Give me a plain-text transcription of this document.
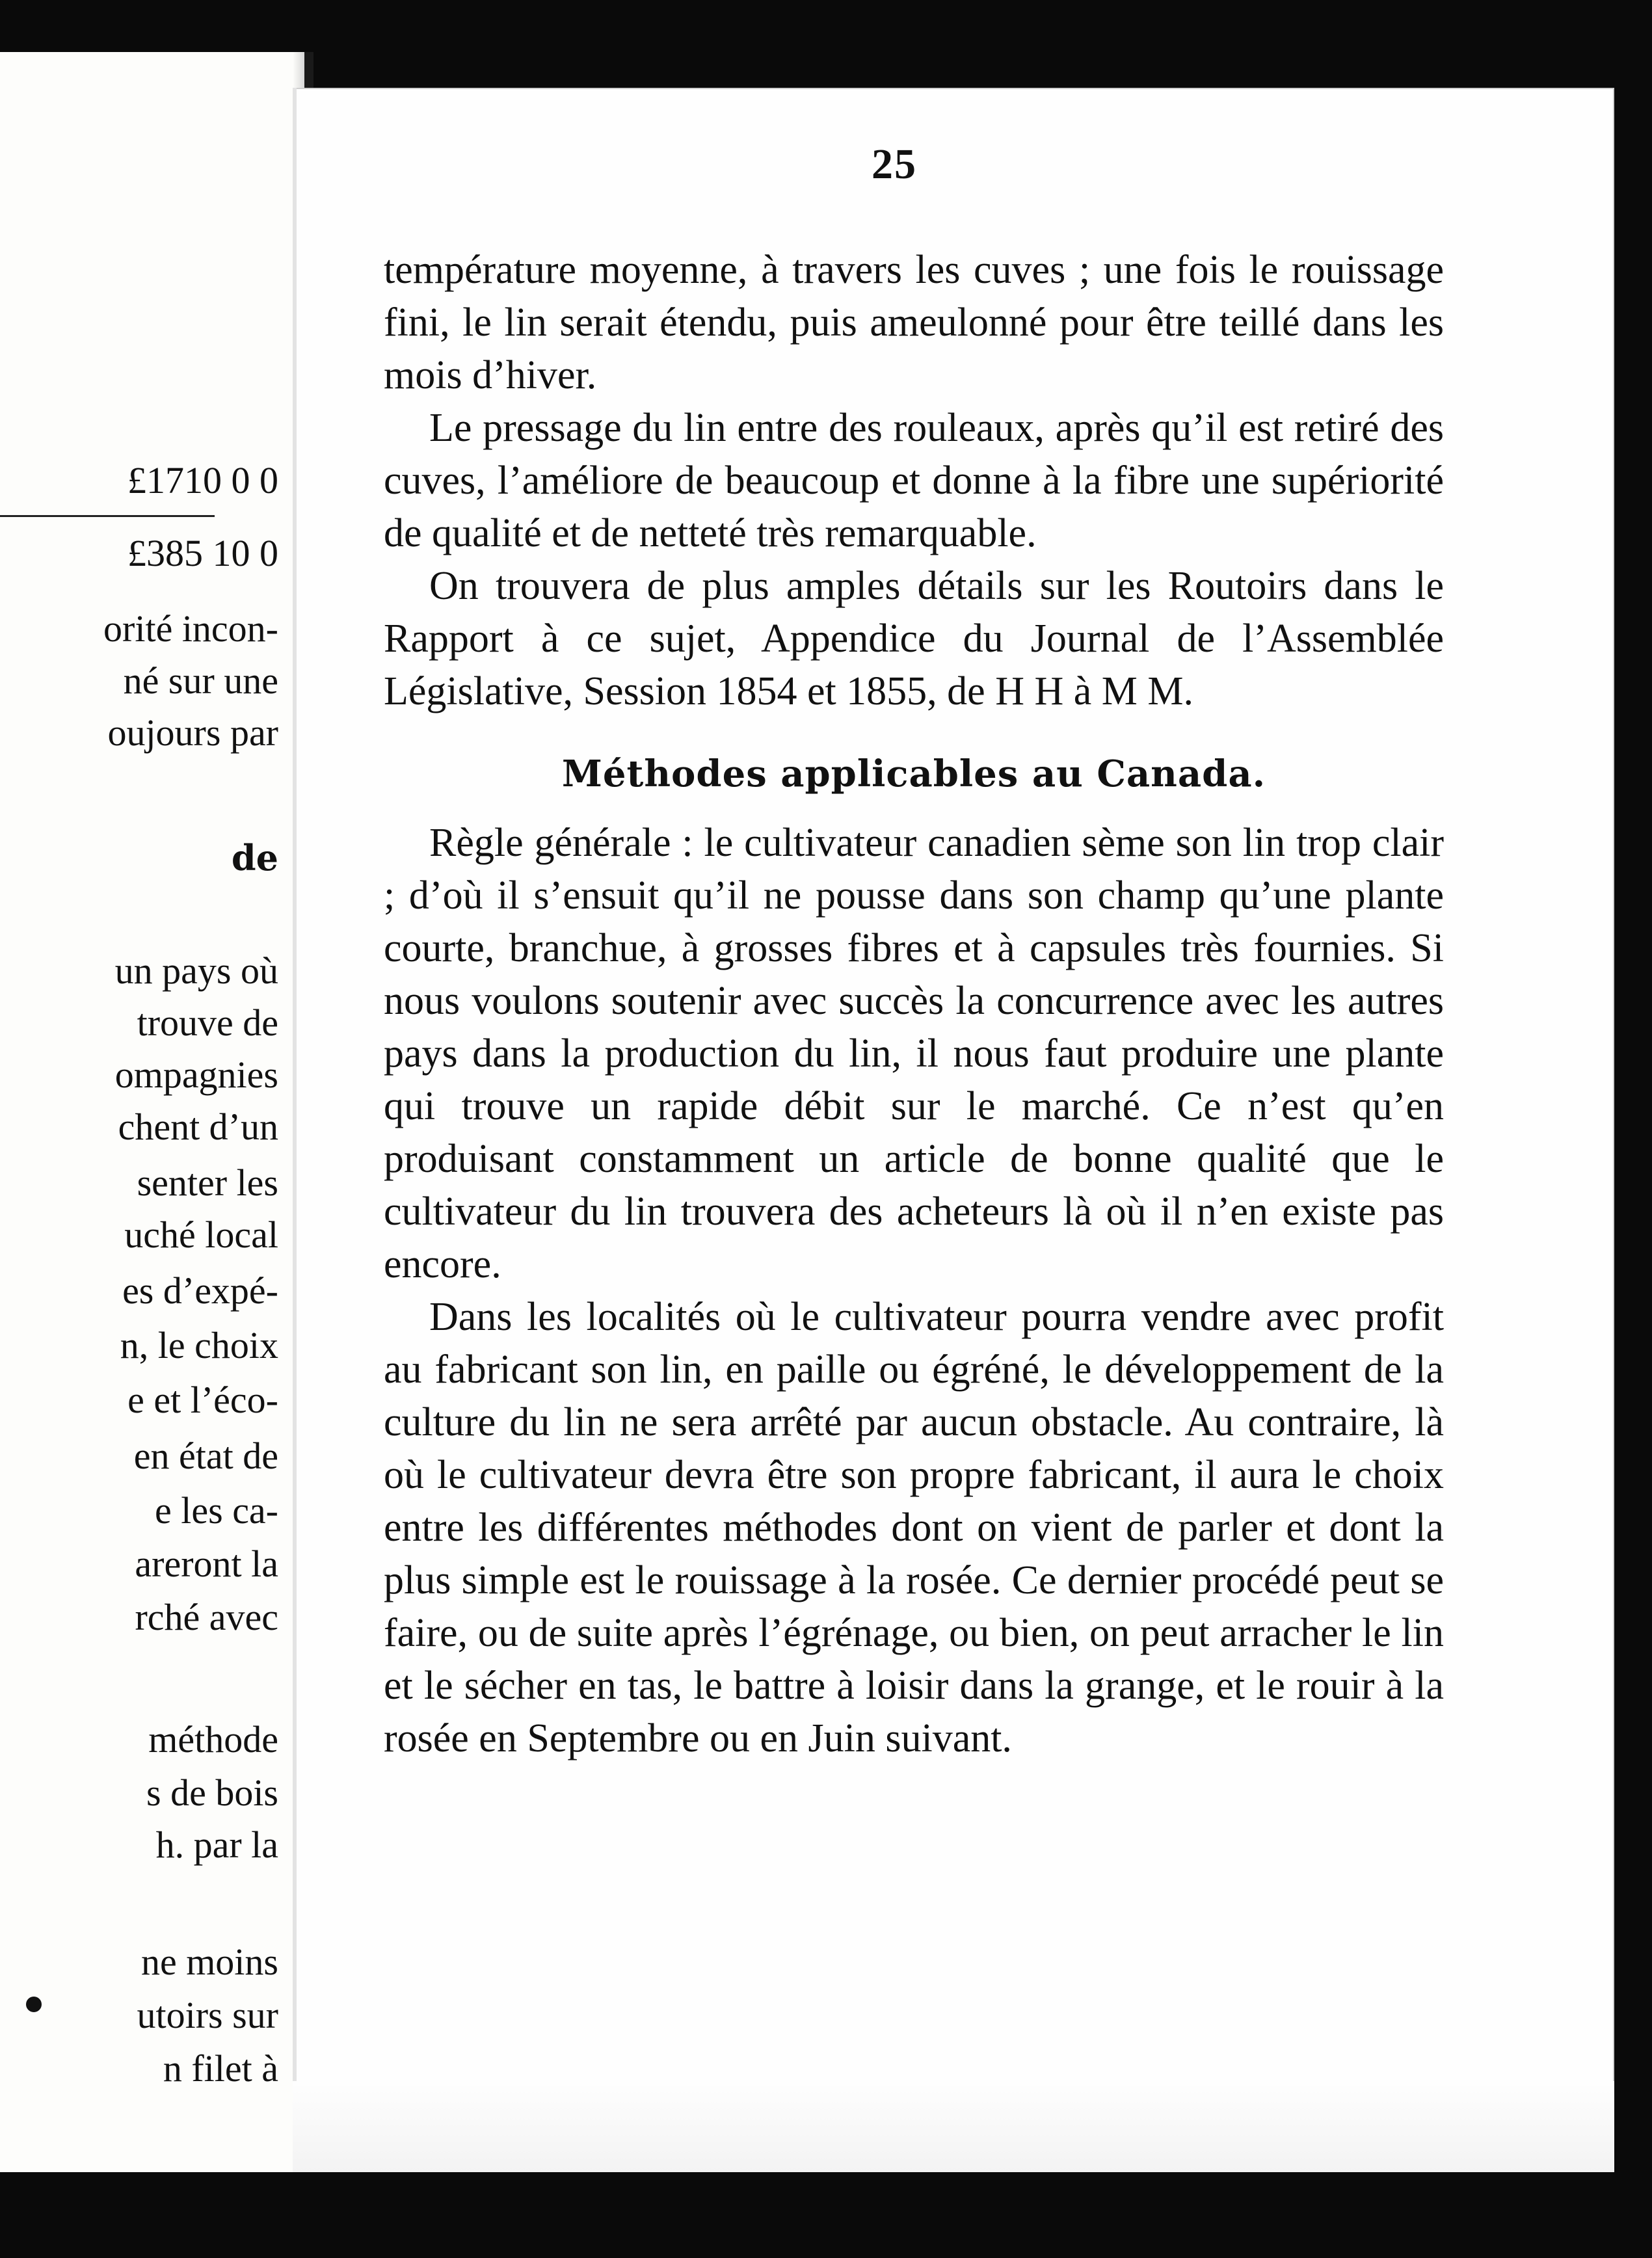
£1710 0 0
£385 10 0
orité incon-
né sur une
oujours par
de
un pays où
trouve de
ompagnies
chent d’un
senter les
uché local
es d’expé-
n, le choix
e et l’éco-
en état de
e les ca-
areront la
rché avec
méthode
s de bois
h. par la
ne moins
utoirs sur
n filet à
25

température moyenne, à travers les cuves ; une fois le rouissage fini, le lin serait étendu, puis ameulonné pour être teillé dans les mois d’hiver.

Le pressage du lin entre des rouleaux, après qu’il est retiré des cuves, l’améliore de beaucoup et donne à la fibre une supériorité de qualité et de netteté très remarquable.

On trouvera de plus amples détails sur les Routoirs dans le Rapport à ce sujet, Appendice du Journal de l’Assemblée Législative, Session 1854 et 1855, de H H à M M.

Méthodes applicables au Canada.

Règle générale : le cultivateur canadien sème son lin trop clair ; d’où il s’ensuit qu’il ne pousse dans son champ qu’une plante courte, branchue, à grosses fibres et à capsules très fournies. Si nous voulons soutenir avec succès la concurrence avec les autres pays dans la production du lin, il nous faut produire une plante qui trouve un rapide débit sur le marché. Ce n’est qu’en produisant constamment un article de bonne qualité que le cultivateur du lin trouvera des acheteurs là où il n’en existe pas encore.

Dans les localités où le cultivateur pourra vendre avec profit au fabricant son lin, en paille ou égréné, le développement de la culture du lin ne sera arrêté par aucun obstacle. Au contraire, là où le cultivateur devra être son propre fabricant, il aura le choix entre les différentes méthodes dont on vient de parler et dont la plus simple est le rouissage à la rosée. Ce dernier procédé peut se faire, ou de suite après l’égrénage, ou bien, on peut arracher le lin et le sécher en tas, le battre à loisir dans la grange, et le rouir à la rosée en Septembre ou en Juin suivant.
